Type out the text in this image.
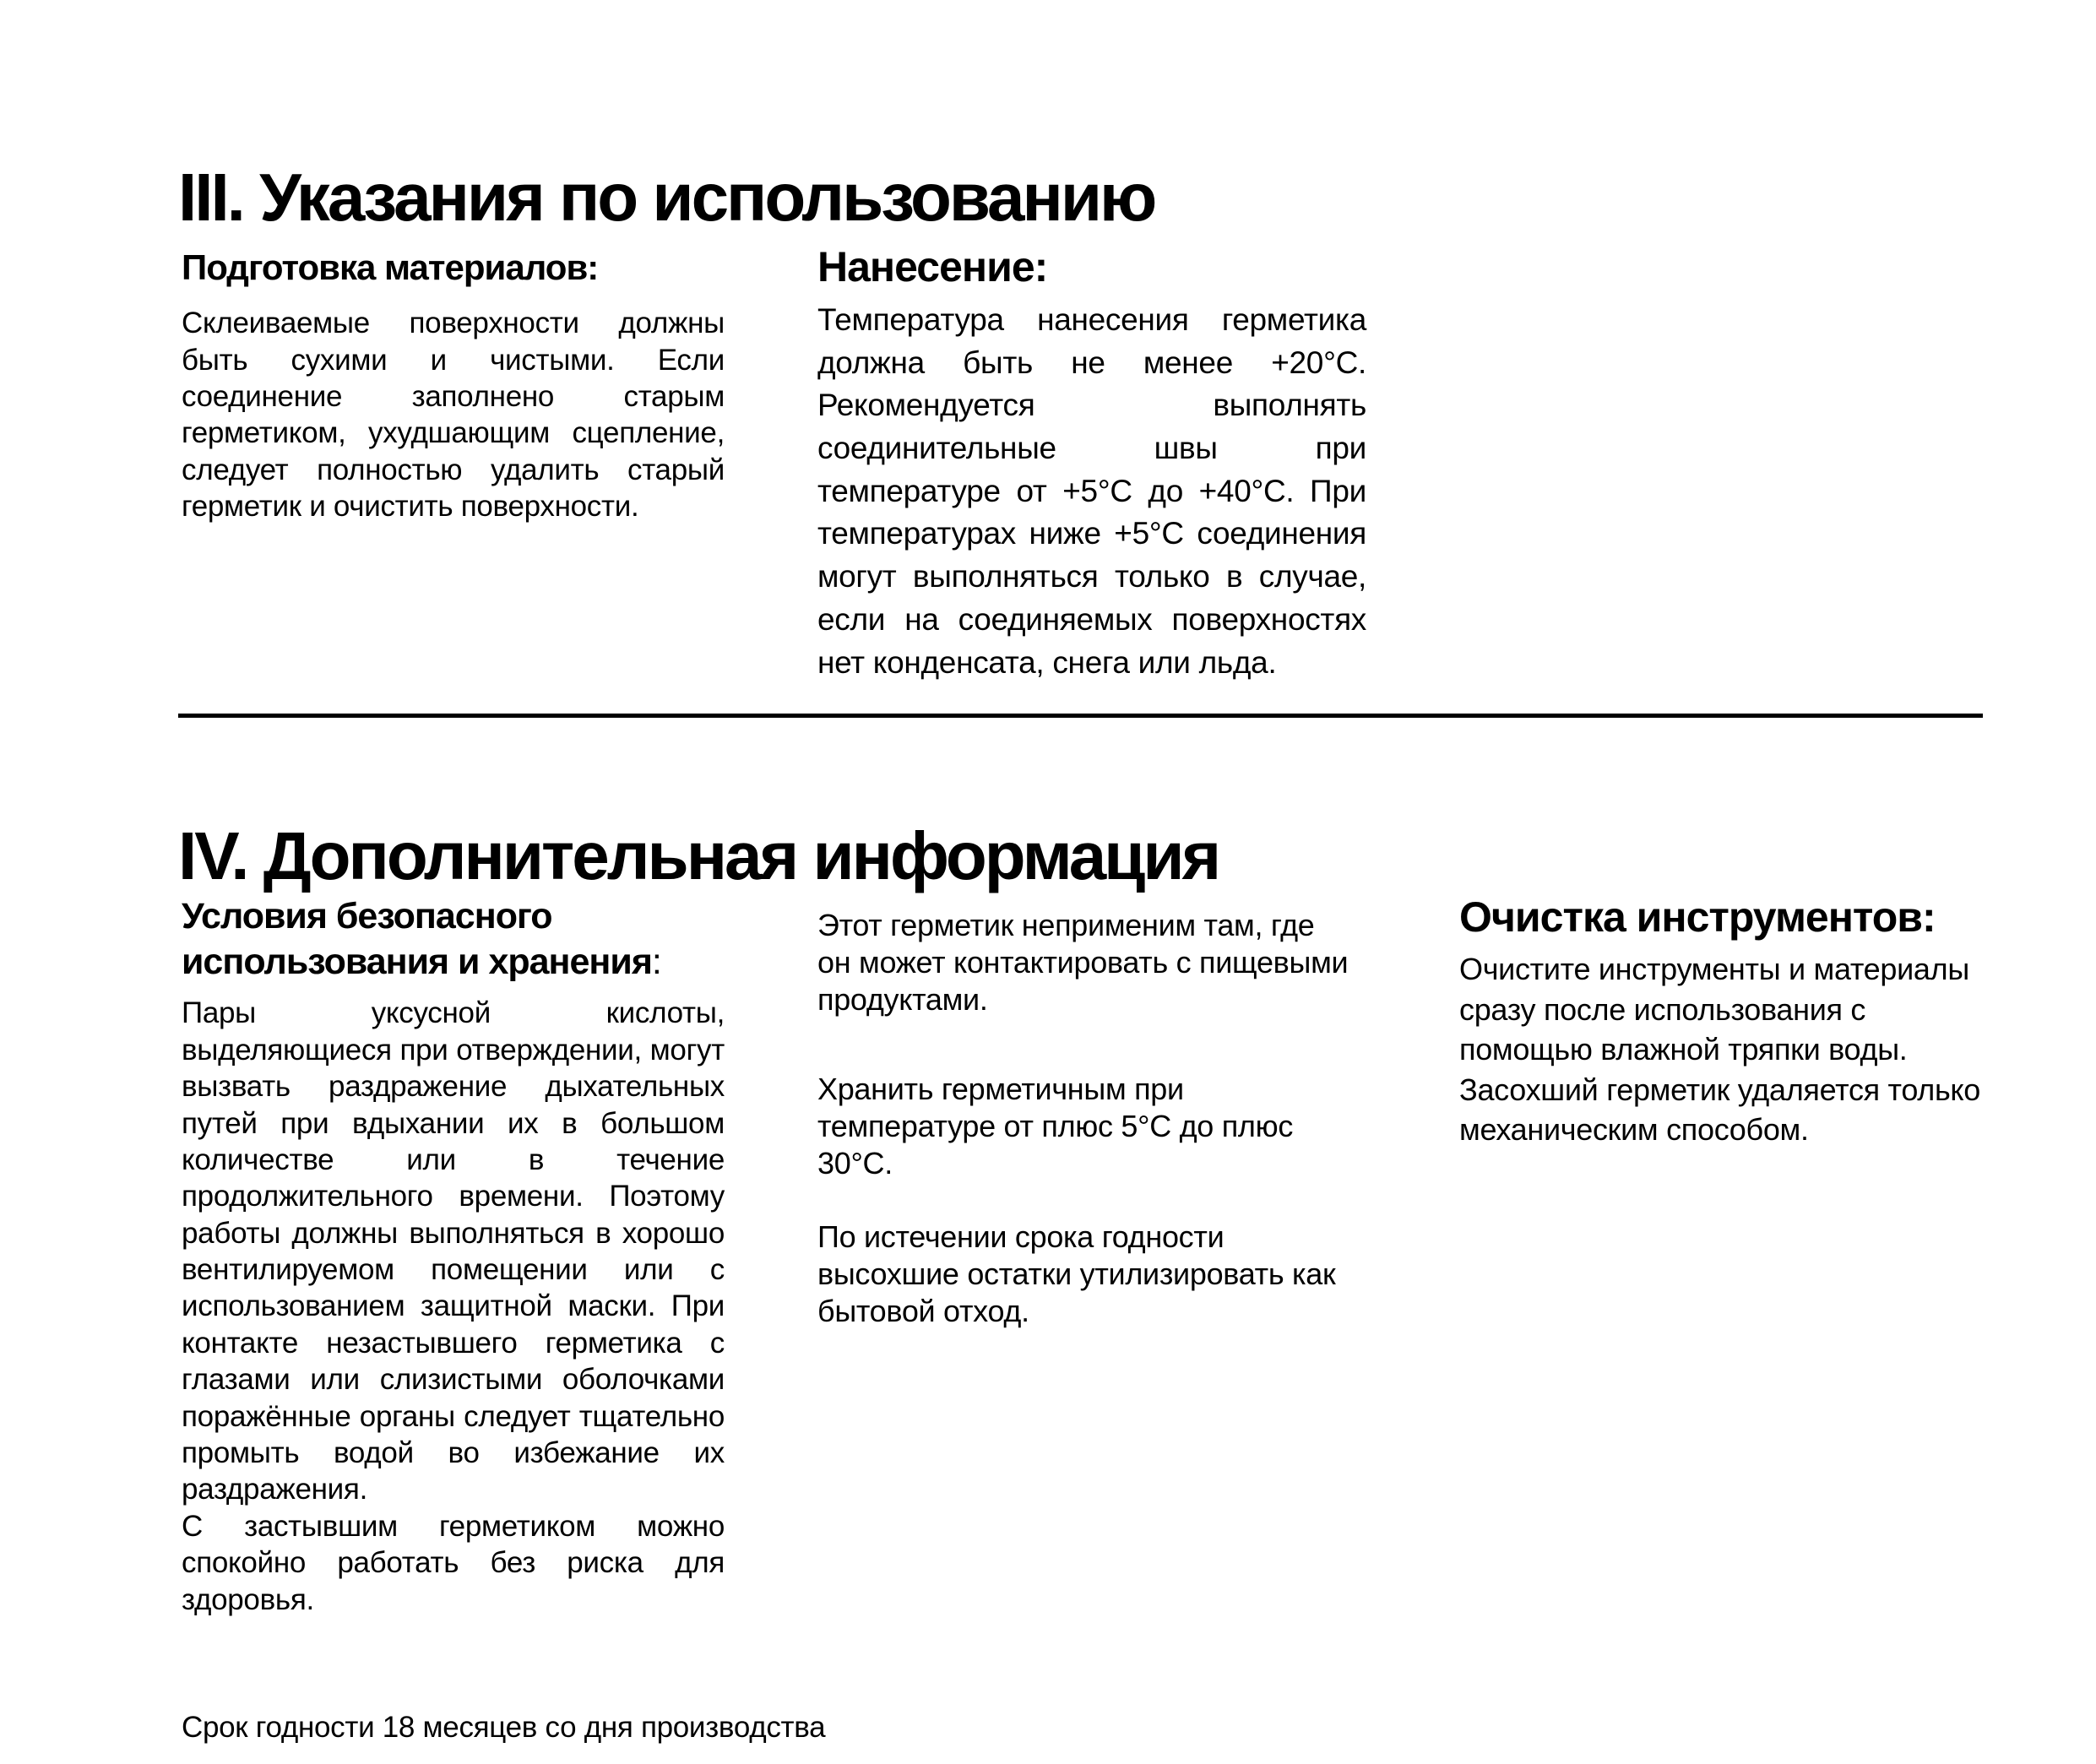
III. Указания по использованию
Подготовка материалов:

Склеиваемые поверхности должны быть сухими и чистыми. Если соединение заполнено старым герметиком, ухудшающим сцепление, следует полностью удалить старый герметик и очистить поверхности.

Нанесение:

Температура нанесения герметика должна быть не менее +20°C. Рекомендуется выполнять соединительные швы при температуре от +5°C до +40°C. При температурах ниже +5°C соединения могут выполняться только в случае, если на соединяемых поверхностях нет конденсата, снега или льда.

IV. Дополнительная информация
Условия безопасного использования и хранения:

Пары уксусной кислоты, выделяющиеся при отверждении, могут вызвать раздражение дыхательных путей при вдыхании их в большом количестве или в течение продолжительного времени. Поэтому работы должны выполняться в хорошо вентилируемом помещении или с использованием защитной маски. При контакте незастывшего герметика с глазами или слизистыми оболочками поражённые органы следует тщательно промыть водой во избежание их раздражения.

С застывшим герметиком можно спокойно работать без риска для здоровья.

Этот герметик неприменим там, где он может контактировать с пищевыми продуктами.

Хранить герметичным при температуре от плюс 5°C до плюс 30°C.

По истечении срока годности высохшие остатки утилизировать как бытовой отход.

Очистка инструментов:

Очистите инструменты и материалы сразу после использования с помощью влажной тряпки воды. Засохший герметик удаляется только механическим способом.

Срок годности 18 месяцев со дня производства
